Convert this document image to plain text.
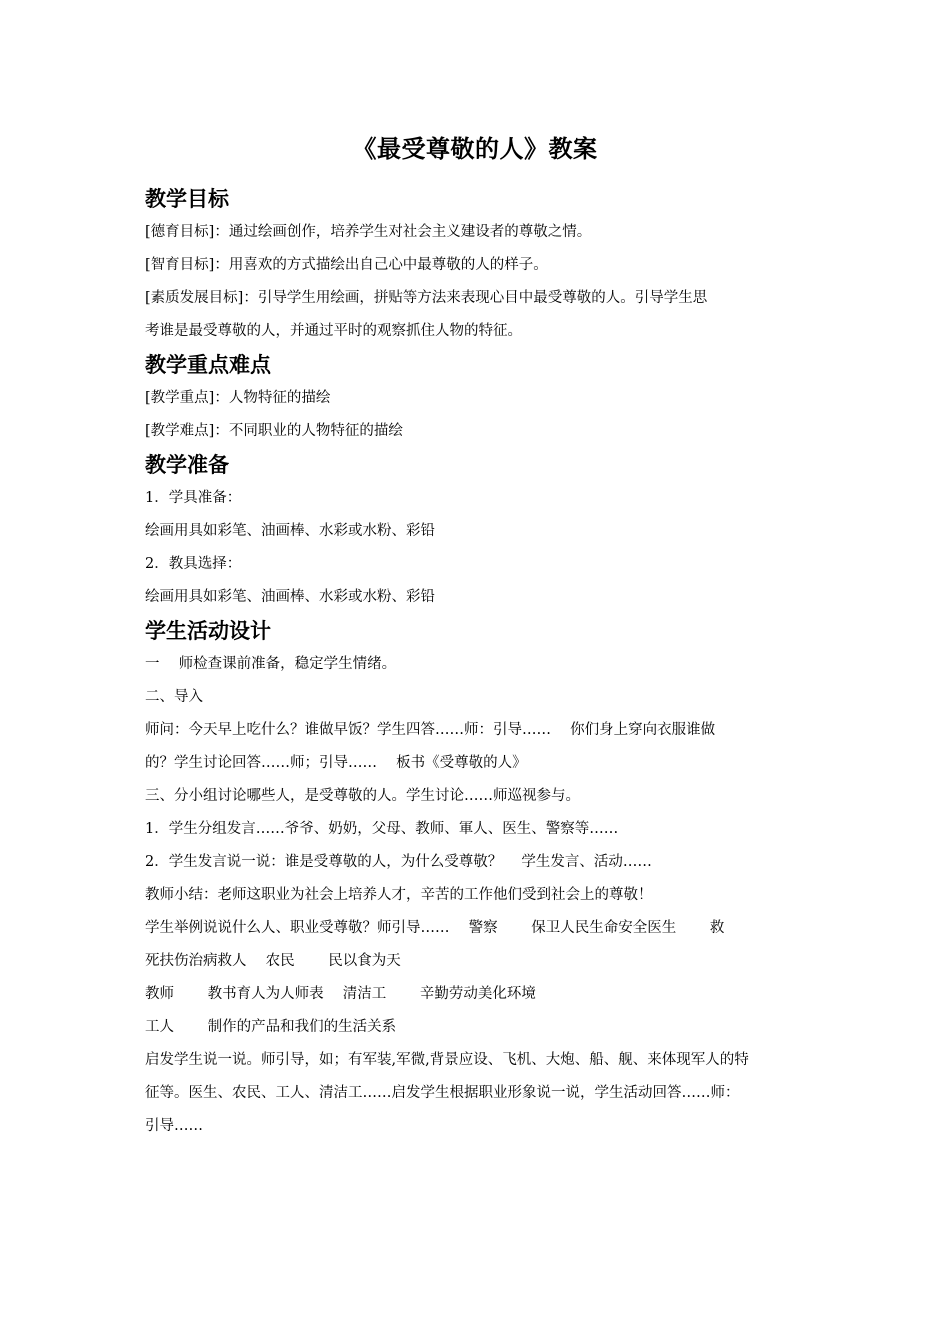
《最受尊敬的人》教案
教学目标
[德育目标]：通过绘画创作，培养学生对社会主义建设者的尊敬之情。
[智育目标]：用喜欢的方式描绘出自己心中最尊敬的人的样子。
[素质发展目标]：引导学生用绘画，拼贴等方法来表现心目中最受尊敬的人。引导学生思
考谁是最受尊敬的人，并通过平时的观察抓住人物的特征。
教学重点难点
[教学重点]：人物特征的描绘
[教学难点]：不同职业的人物特征的描绘
教学准备
1．学具准备：
绘画用具如彩笔、油画棒、水彩或水粉、彩铅
2．教具选择：
绘画用具如彩笔、油画棒、水彩或水粉、彩铅
学生活动设计
一　 师检查课前准备，稳定学生情绪。
二、导入
师问：今天早上吃什么？谁做早饭？学生四答……师：引导……　 你们身上穿向衣服谁做
的？学生讨论回答……师；引导……　 板书《受尊敬的人》
三、分小组讨论哪些人，是受尊敬的人。学生讨论……师巡视参与。
1．学生分组发言……爷爷、奶奶，父母、教师、軍人、医生、警察等……
2．学生发言说一说：谁是受尊敬的人，为什么受尊敬？　 学生发言、活动……
教师小结：老师这职业为社会上培养人才，辛苦的工作他们受到社会上的尊敬！
学生举例说说什么人、职业受尊敬？师引导……　 警察　　 保卫人民生命安全医生　　 救
死扶伤治病救人　 农民　　 民以食为天
教师　　 教书育人为人师表　 清洁工　　 辛勤劳动美化环境
工人　　 制作的产品和我们的生活关系
启发学生说一说。师引导，如；有军装,军微,背景应设、飞机、大炮、船、舰、来体现军人的特
征等。医生、农民、工人、清洁工……启发学生根据职业形象说一说，学生活动回答……师：
引导……
